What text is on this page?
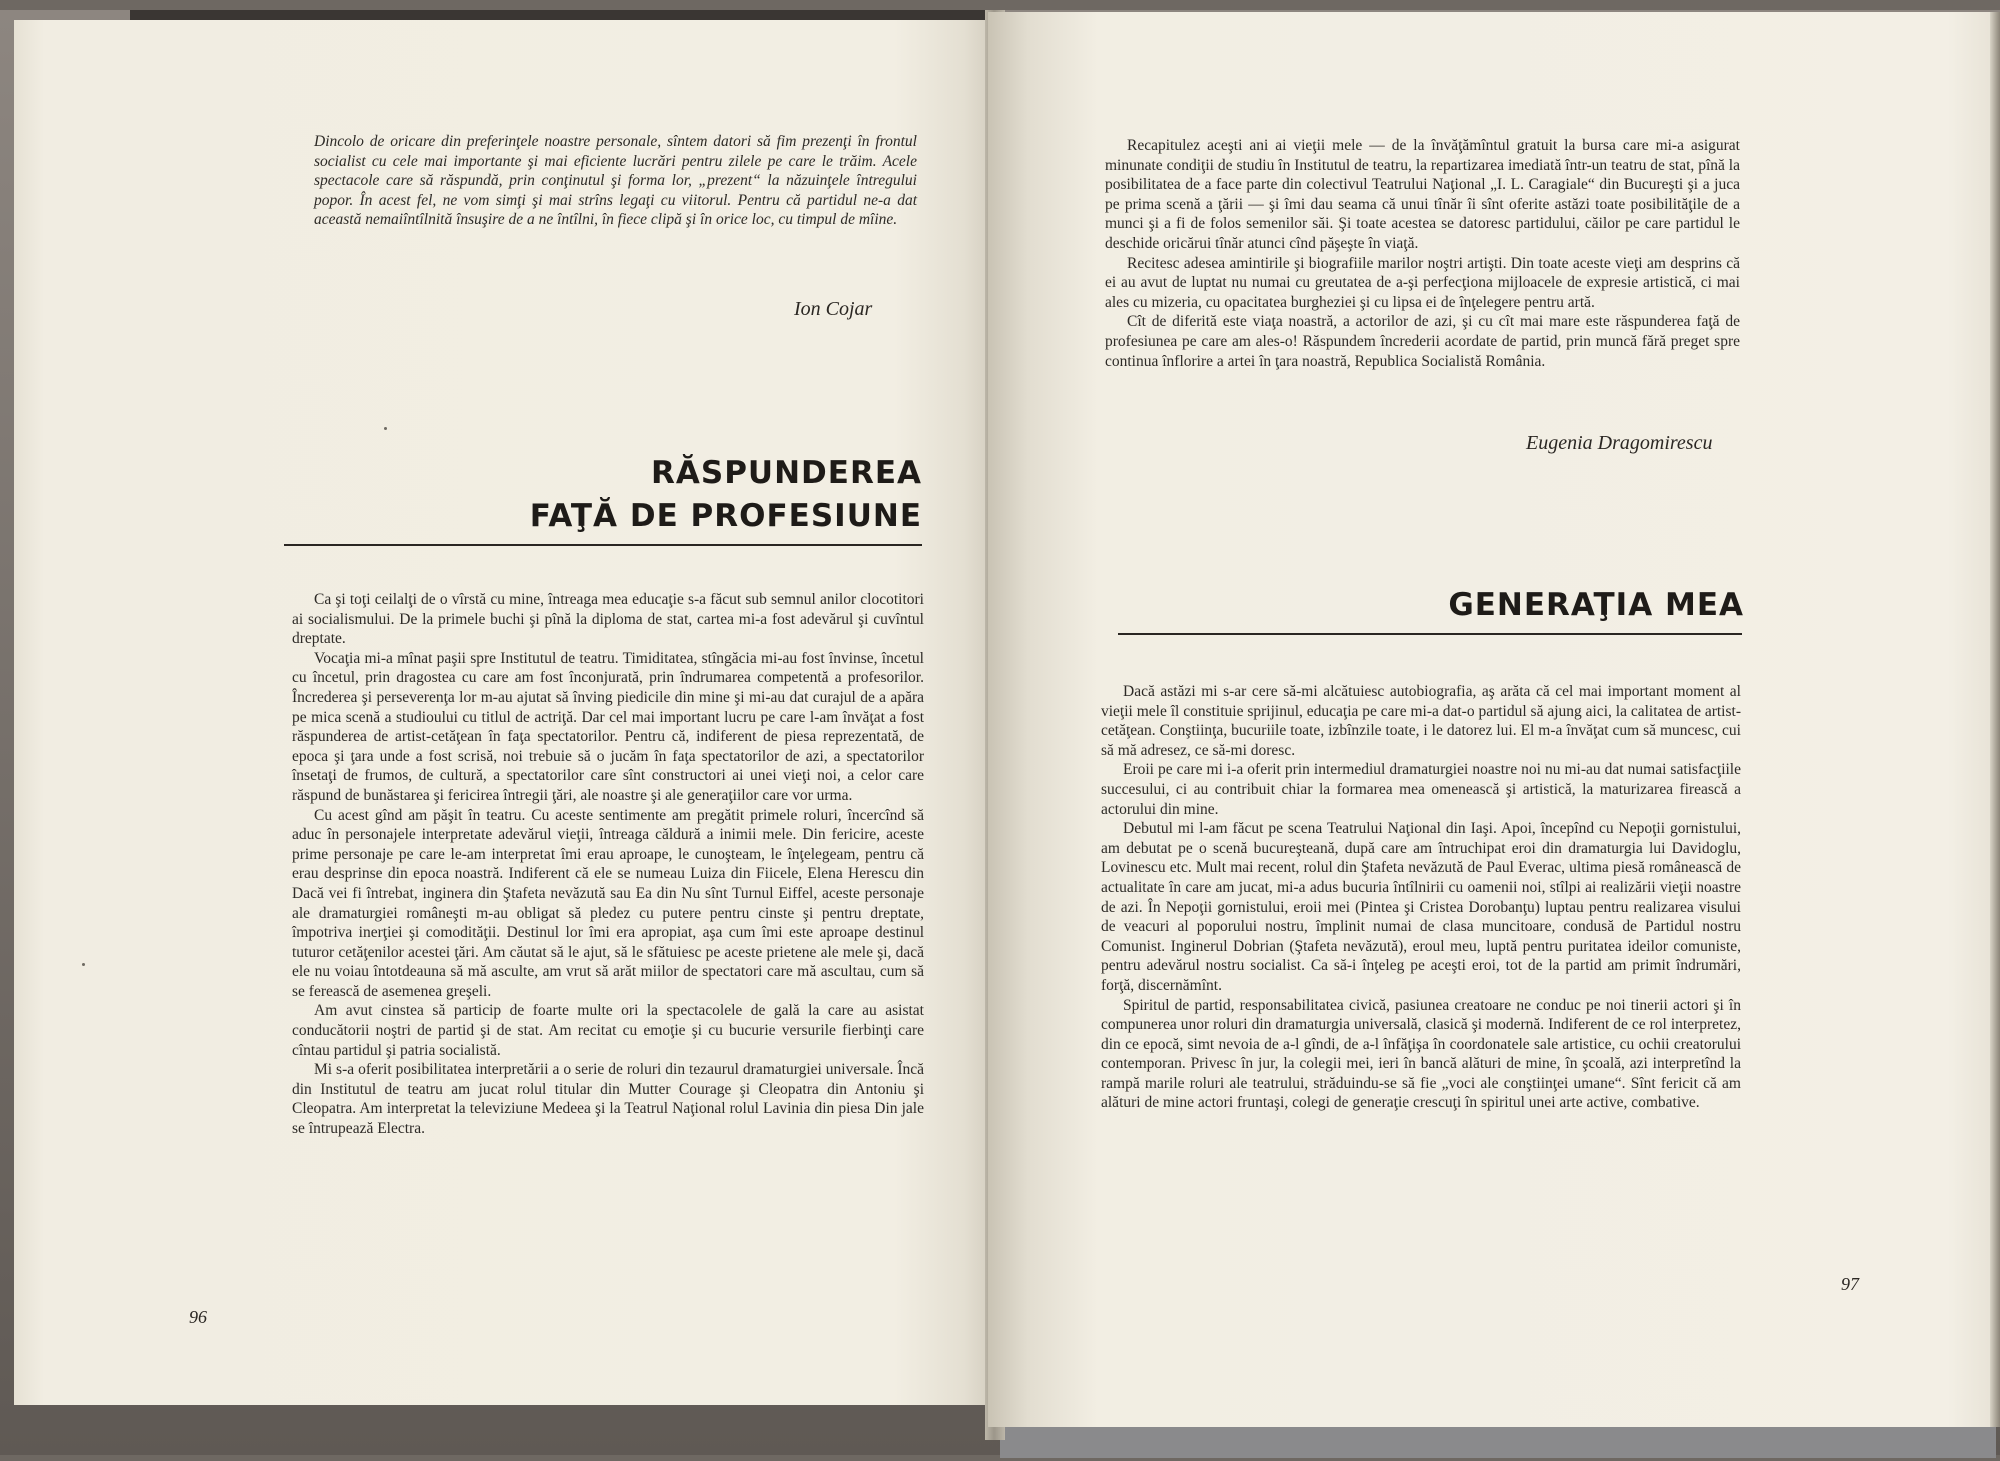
Dincolo de oricare din preferinţele noastre personale, sîntem datori să fim prezenţi în frontul socialist cu cele mai importante şi mai eficiente lucrări pentru zilele pe care le trăim. Acele spectacole care să răspundă, prin conţinutul şi forma lor, „prezent“ la năzuinţele întregului popor. În acest fel, ne vom simţi şi mai strîns legaţi cu viitorul. Pentru că partidul ne-a dat această nemaiîntîlnită însuşire de a ne întîlni, în fiece clipă şi în orice loc, cu timpul de mîine.

Ion Cojar
RĂSPUNDEREA
FAŢĂ DE PROFESIUNE

Ca şi toţi ceilalţi de o vîrstă cu mine, întreaga mea educaţie s-a făcut sub semnul anilor clocotitori ai socialismului. De la primele buchi şi pînă la diploma de stat, cartea mi-a fost adevărul şi cuvîntul dreptate.

Vocaţia mi-a mînat paşii spre Institutul de teatru. Timiditatea, stîngăcia mi-au fost învinse, încetul cu încetul, prin dragostea cu care am fost înconjurată, prin îndrumarea competentă a profesorilor. Încrederea şi perseverenţa lor m-au ajutat să înving piedicile din mine şi mi-au dat curajul de a apăra pe mica scenă a studioului cu titlul de actriţă. Dar cel mai important lucru pe care l-am învăţat a fost răspunderea de artist-cetăţean în faţa spectatorilor. Pentru că, indiferent de piesa reprezentată, de epoca şi ţara unde a fost scrisă, noi trebuie să o jucăm în faţa spectatorilor de azi, a spectatorilor însetaţi de frumos, de cultură, a spectatorilor care sînt constructori ai unei vieţi noi, a celor care răspund de bunăstarea şi fericirea întregii ţări, ale noastre şi ale generaţiilor care vor urma.

Cu acest gînd am păşit în teatru. Cu aceste sentimente am pregătit primele roluri, încercînd să aduc în personajele interpretate adevărul vieţii, întreaga căldură a inimii mele. Din fericire, aceste prime personaje pe care le-am interpretat îmi erau aproape, le cunoşteam, le înţelegeam, pentru că erau desprinse din epoca noastră. Indiferent că ele se numeau Luiza din Fiicele, Elena Herescu din Dacă vei fi întrebat, inginera din Ştafeta nevăzută sau Ea din Nu sînt Turnul Eiffel, aceste personaje ale dramaturgiei româneşti m-au obligat să pledez cu putere pentru cinste şi pentru dreptate, împotriva inerţiei şi comodităţii. Destinul lor îmi era apropiat, aşa cum îmi este aproape destinul tuturor cetăţenilor acestei ţări. Am căutat să le ajut, să le sfătuiesc pe aceste prietene ale mele şi, dacă ele nu voiau întotdeauna să mă asculte, am vrut să arăt miilor de spectatori care mă ascultau, cum să se ferească de asemenea greşeli.

Am avut cinstea să particip de foarte multe ori la spectacolele de gală la care au asistat conducătorii noştri de partid şi de stat. Am recitat cu emoţie şi cu bucurie versurile fierbinţi care cîntau partidul şi patria socialistă.

Mi s-a oferit posibilitatea interpretării a o serie de roluri din tezaurul dramaturgiei universale. Încă din Institutul de teatru am jucat rolul titular din Mutter Courage şi Cleopatra din Antoniu şi Cleopatra. Am interpretat la televiziune Medeea şi la Teatrul Naţional rolul Lavinia din piesa Din jale se întrupează Electra.

96

Recapitulez aceşti ani ai vieţii mele — de la învăţămîntul gratuit la bursa care mi-a asigurat minunate condiţii de studiu în Institutul de teatru, la repartizarea imediată într-un teatru de stat, pînă la posibilitatea de a face parte din colectivul Teatrului Naţional „I. L. Caragiale“ din Bucureşti şi a juca pe prima scenă a ţării — şi îmi dau seama că unui tînăr îi sînt oferite astăzi toate posibilităţile de a munci şi a fi de folos semenilor săi. Şi toate acestea se datoresc partidului, căilor pe care partidul le deschide oricărui tînăr atunci cînd păşeşte în viaţă.

Recitesc adesea amintirile şi biografiile marilor noştri artişti. Din toate aceste vieţi am desprins că ei au avut de luptat nu numai cu greutatea de a-şi perfecţiona mijloacele de expresie artistică, ci mai ales cu mizeria, cu opacitatea burgheziei şi cu lipsa ei de înţelegere pentru artă.

Cît de diferită este viaţa noastră, a actorilor de azi, şi cu cît mai mare este răspunderea faţă de profesiunea pe care am ales-o! Răspundem încrederii acordate de partid, prin muncă fără preget spre continua înflorire a artei în ţara noastră, Republica Socialistă România.

Eugenia Dragomirescu
GENERAŢIA MEA

Dacă astăzi mi s-ar cere să-mi alcătuiesc autobiografia, aş arăta că cel mai important moment al vieţii mele îl constituie sprijinul, educaţia pe care mi-a dat-o partidul să ajung aici, la calitatea de artist-cetăţean. Conştiinţa, bucuriile toate, izbînzile toate, i le datorez lui. El m-a învăţat cum să muncesc, cui să mă adresez, ce să-mi doresc.

Eroii pe care mi i-a oferit prin intermediul dramaturgiei noastre noi nu mi-au dat numai satisfacţiile succesului, ci au contribuit chiar la formarea mea omenească şi artistică, la maturizarea firească a actorului din mine.

Debutul mi l-am făcut pe scena Teatrului Naţional din Iaşi. Apoi, începînd cu Nepoţii gornistului, am debutat pe o scenă bucureşteană, după care am întruchipat eroi din dramaturgia lui Davidoglu, Lovinescu etc. Mult mai recent, rolul din Ştafeta nevăzută de Paul Everac, ultima piesă românească de actualitate în care am jucat, mi-a adus bucuria întîlnirii cu oamenii noi, stîlpi ai realizării vieţii noastre de azi. În Nepoţii gornistului, eroii mei (Pintea şi Cristea Dorobanţu) luptau pentru realizarea visului de veacuri al poporului nostru, împlinit numai de clasa muncitoare, condusă de Partidul nostru Comunist. Inginerul Dobrian (Ştafeta nevăzută), eroul meu, luptă pentru puritatea ideilor comuniste, pentru adevărul nostru socialist. Ca să-i înţeleg pe aceşti eroi, tot de la partid am primit îndrumări, forţă, discernămînt.

Spiritul de partid, responsabilitatea civică, pasiunea creatoare ne conduc pe noi tinerii actori şi în compunerea unor roluri din dramaturgia universală, clasică şi modernă. Indiferent de ce rol interpretez, din ce epocă, simt nevoia de a-l gîndi, de a-l înfăţişa în coordonatele sale artistice, cu ochii creatorului contemporan. Privesc în jur, la colegii mei, ieri în bancă alături de mine, în şcoală, azi interpretînd la rampă marile roluri ale teatrului, străduindu-se să fie „voci ale conştiinţei umane“. Sînt fericit că am alături de mine actori fruntaşi, colegi de generaţie crescuţi în spiritul unei arte active, combative.

97
